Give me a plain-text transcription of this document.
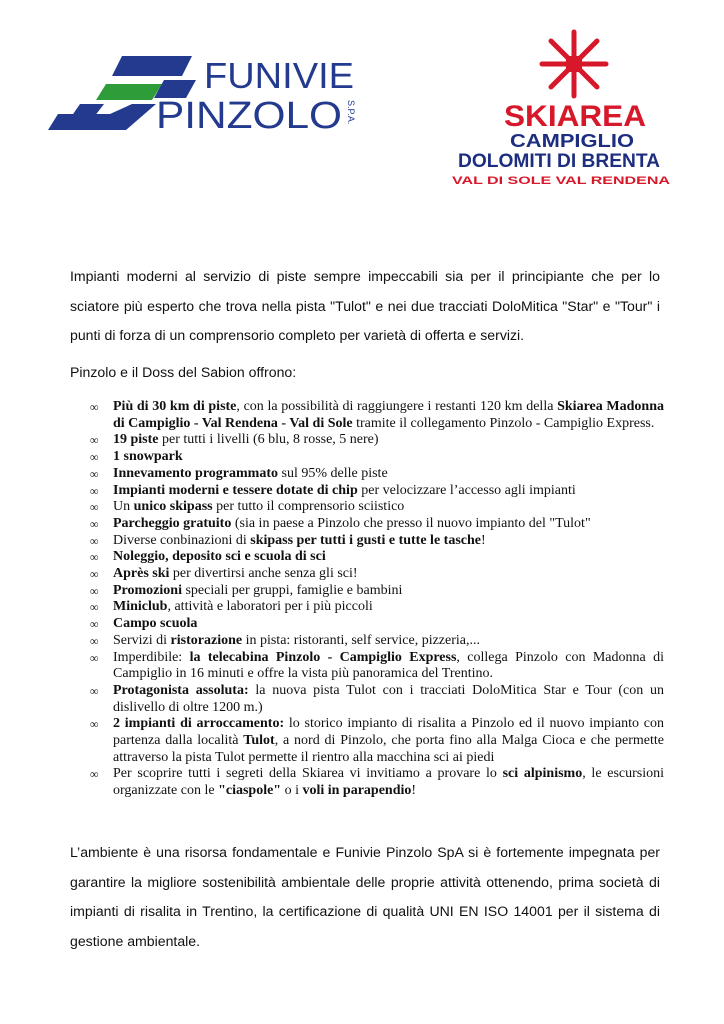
FUNIVIE
PINZOLO S.P.A.	SKIAREA
CAMPIGLIO
DOLOMITI DI BRENTA
VAL DI SOLE VAL RENDENA

Impianti moderni al servizio di piste sempre impeccabili sia per il principiante che per lo sciatore più esperto che trova nella pista "Tulot" e nei due tracciati DoloMitica "Star" e "Tour" i punti di forza di un comprensorio completo per varietà di offerta e servizi.

Pinzolo e il Doss del Sabion offrono:

∞ Più di 30 km di piste, con la possibilità di raggiungere i restanti 120 km della Skiarea Madonna di Campiglio - Val Rendena - Val di Sole tramite il collegamento Pinzolo - Campiglio Express.
∞ 19 piste per tutti i livelli (6 blu, 8 rosse, 5 nere)
∞ 1 snowpark
∞ Innevamento programmato sul 95% delle piste
∞ Impianti moderni e tessere dotate di chip per velocizzare l’accesso agli impianti
∞ Un unico skipass per tutto il comprensorio sciistico
∞ Parcheggio gratuito (sia in paese a Pinzolo che presso il nuovo impianto del "Tulot"
∞ Diverse conbinazioni di skipass per tutti i gusti e tutte le tasche!
∞ Noleggio, deposito sci e scuola di sci
∞ Après ski per divertirsi anche senza gli sci!
∞ Promozioni speciali per gruppi, famiglie e bambini
∞ Miniclub, attività e laboratori per i più piccoli
∞ Campo scuola
∞ Servizi di ristorazione in pista: ristoranti, self service, pizzeria,...
∞ Imperdibile: la telecabina Pinzolo - Campiglio Express, collega Pinzolo con Madonna di Campiglio in 16 minuti e offre la vista più panoramica del Trentino.
∞ Protagonista assoluta: la nuova pista Tulot con i tracciati DoloMitica Star e Tour (con un dislivello di oltre 1200 m.)
∞ 2 impianti di arroccamento: lo storico impianto di risalita a Pinzolo ed il nuovo impianto con partenza dalla località Tulot, a nord di Pinzolo, che porta fino alla Malga Cioca e che permette attraverso la pista Tulot permette il rientro alla macchina sci ai piedi
∞ Per scoprire tutti i segreti della Skiarea vi invitiamo a provare lo sci alpinismo, le escursioni organizzate con le "ciaspole" o i voli in parapendio!

L’ambiente è una risorsa fondamentale e Funivie Pinzolo SpA si è fortemente impegnata per garantire la migliore sostenibilità ambientale delle proprie attività ottenendo, prima società di impianti di risalita in Trentino, la certificazione di qualità UNI EN ISO 14001 per il sistema di gestione ambientale.
